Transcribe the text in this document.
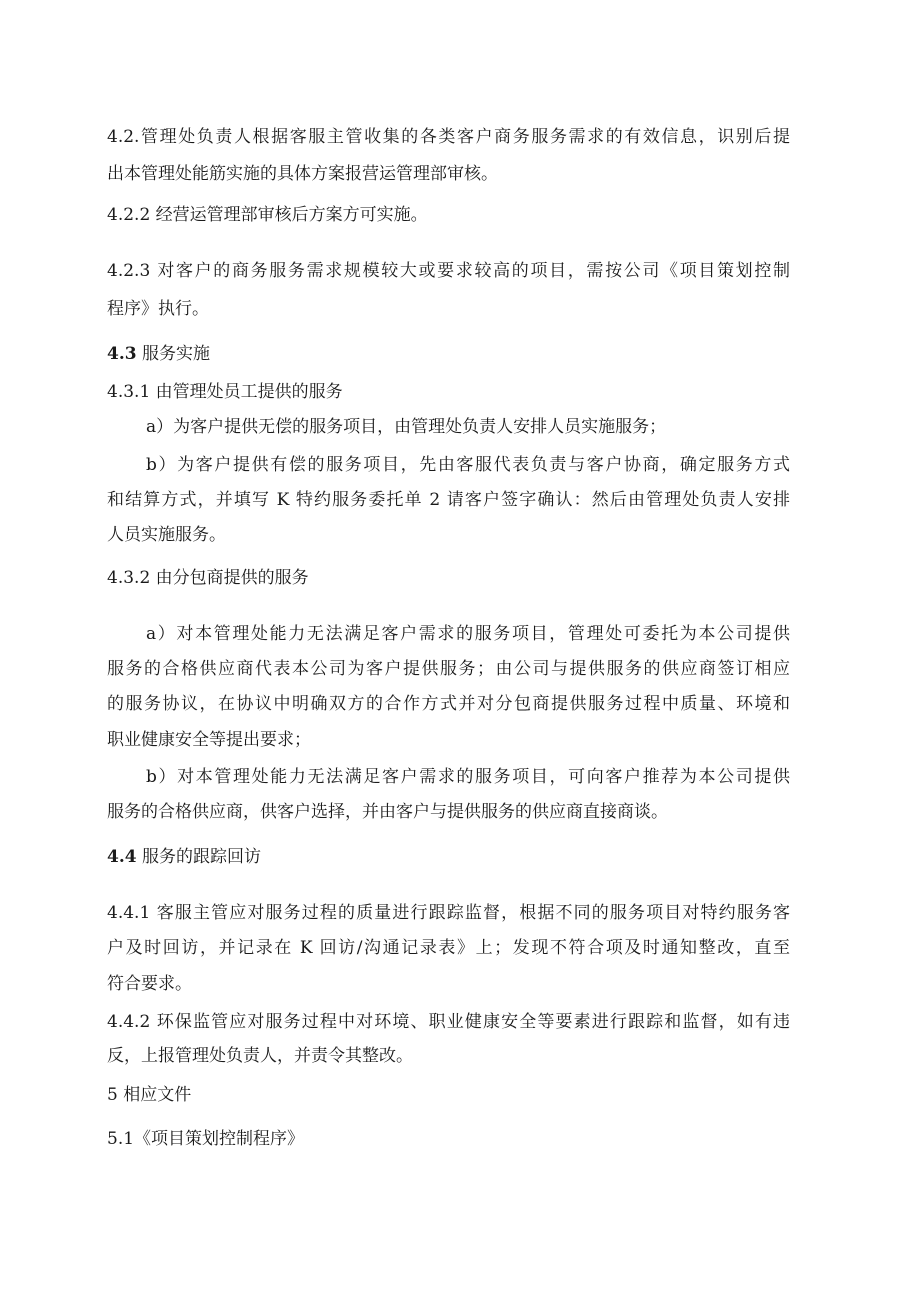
4.2.管理处负责人根据客服主管收集的各类客户商务服务需求的有效信息，识别后提
出本管理处能筋实施的具体方案报营运管理部审核。
4.2.2 经营运管理部审核后方案方可实施。
4.2.3 对客户的商务服务需求规模较大或要求较高的项目，需按公司《项目策划控制
程序》执行。
4.3 服务实施
4.3.1 由管理处员工提供的服务
a）为客户提供无偿的服务项目，由管理处负责人安排人员实施服务；
b）为客户提供有偿的服务项目，先由客服代表负责与客户协商，确定服务方式
和结算方式，并填写 K 特约服务委托单 2 请客户签字确认：然后由管理处负责人安排
人员实施服务。
4.3.2 由分包商提供的服务
a）对本管理处能力无法满足客户需求的服务项目，管理处可委托为本公司提供
服务的合格供应商代表本公司为客户提供服务；由公司与提供服务的供应商签订相应
的服务协议，在协议中明确双方的合作方式并对分包商提供服务过程中质量、环境和
职业健康安全等提出要求；
b）对本管理处能力无法满足客户需求的服务项目，可向客户推荐为本公司提供
服务的合格供应商，供客户选择，并由客户与提供服务的供应商直接商谈。
4.4 服务的跟踪回访
4.4.1 客服主管应对服务过程的质量进行跟踪监督，根据不同的服务项目对特约服务客
户及时回访，并记录在 K 回访/沟通记录表》上；发现不符合项及时通知整改，直至
符合要求。
4.4.2 环保监管应对服务过程中对环境、职业健康安全等要素进行跟踪和监督，如有违
反，上报管理处负责人，并责令其整改。
5 相应文件
5.1《项目策划控制程序》
